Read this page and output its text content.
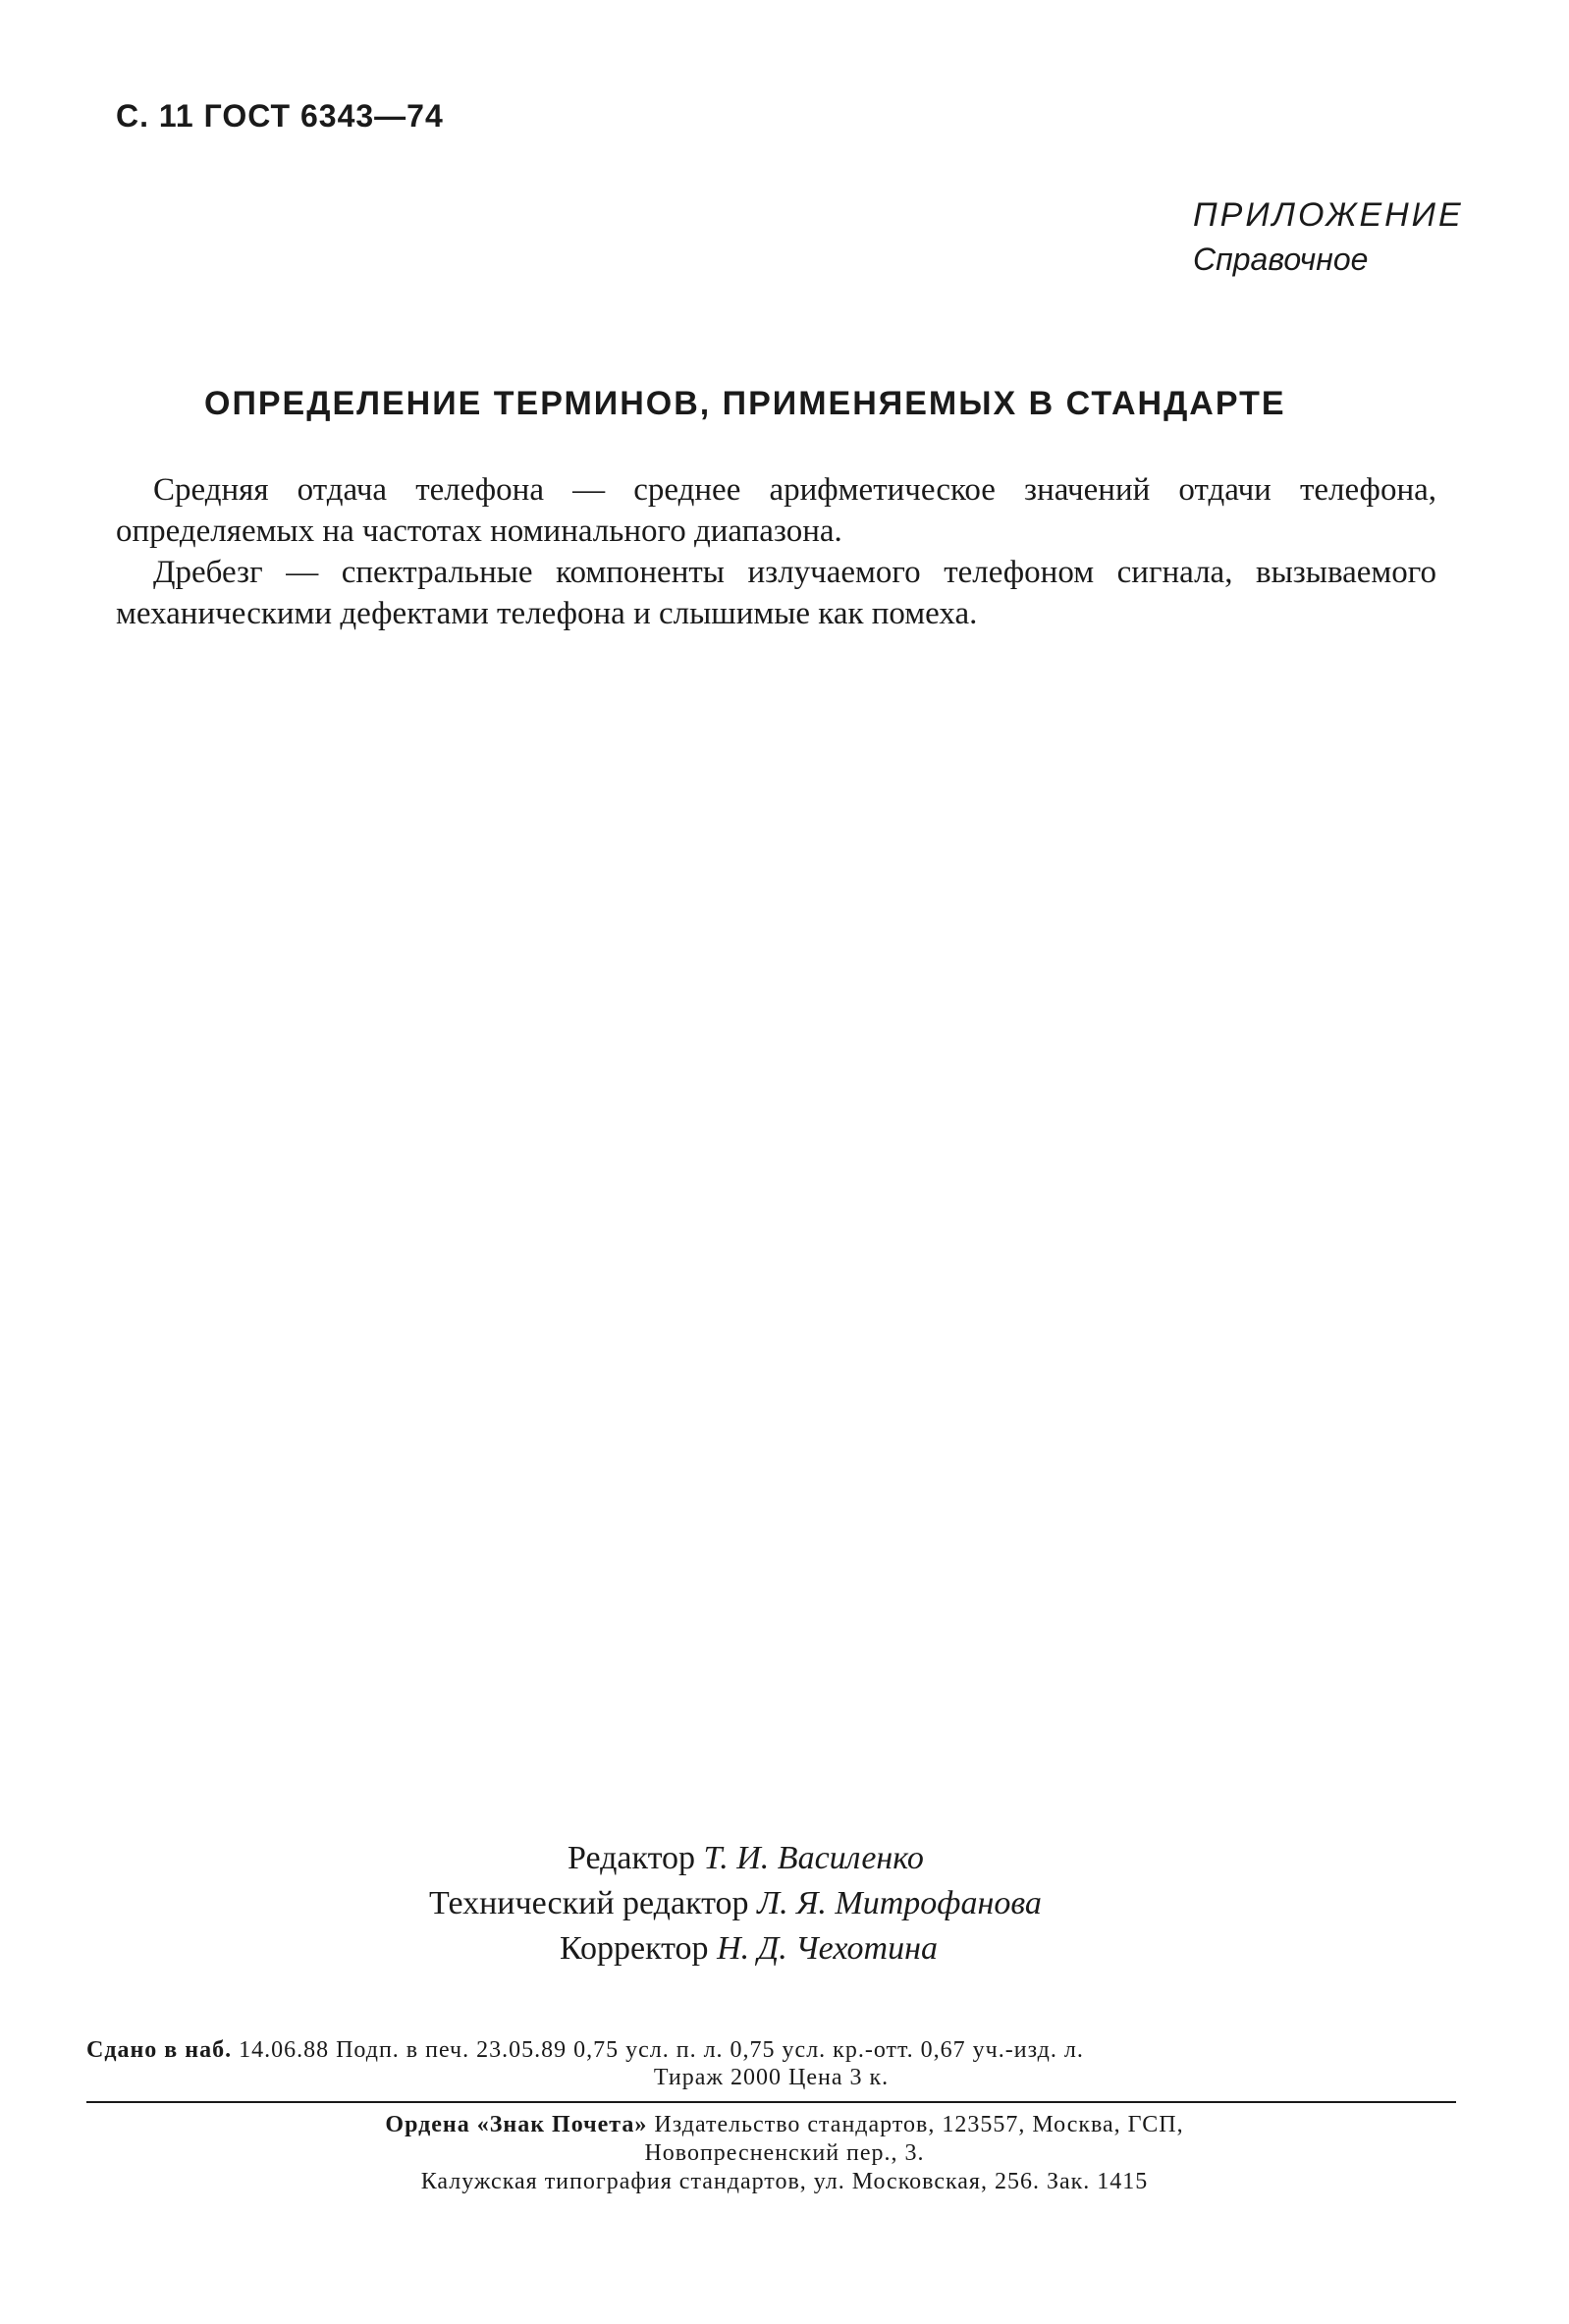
С. 11 ГОСТ 6343—74
ПРИЛОЖЕНИЕ
Справочное
ОПРЕДЕЛЕНИЕ ТЕРМИНОВ, ПРИМЕНЯЕМЫХ В СТАНДАРТЕ

Средняя отдача телефона — среднее арифметическое значений отдачи телефона, определяемых на частотах номинального диапазона.

Дребезг — спектральные компоненты излучаемого телефоном сигнала, вызываемого механическими дефектами телефона и слышимые как помеха.

Редактор Т. И. Василенко
Технический редактор Л. Я. Митрофанова
Корректор Н. Д. Чехотина
Сдано в наб. 14.06.88 Подп. в печ. 23.05.89 0,75 усл. п. л. 0,75 усл. кр.-отт. 0,67 уч.-изд. л.
Тираж 2000 Цена 3 к.
Ордена «Знак Почета» Издательство стандартов, 123557, Москва, ГСП,
Новопресненский пер., 3.
Калужская типография стандартов, ул. Московская, 256. Зак. 1415
